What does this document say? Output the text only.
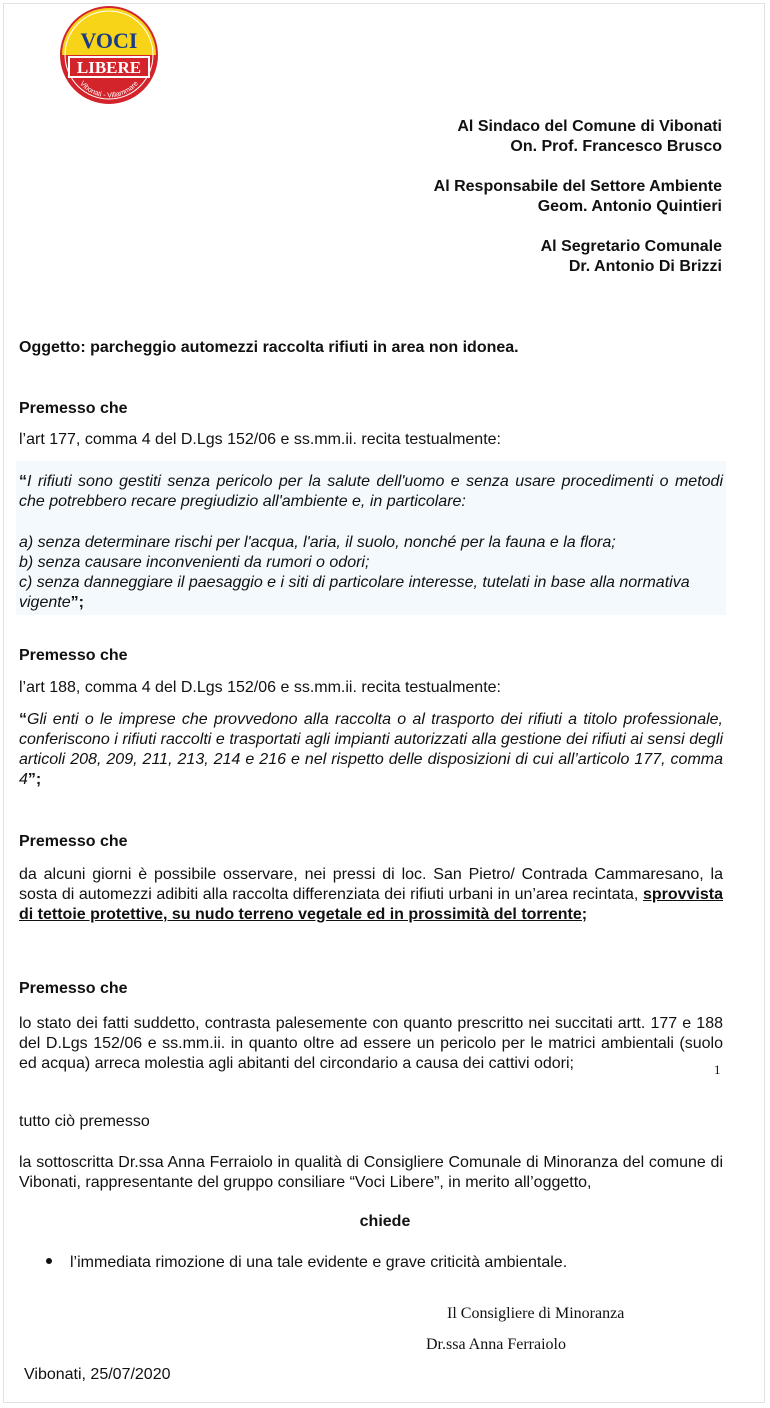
VOCI
LIBERE
Vibonati - Villammare
Al Sindaco del Comune di Vibonati
On. Prof. Francesco Brusco
Al Responsabile del Settore Ambiente
Geom. Antonio Quintieri
Al Segretario Comunale
Dr. Antonio Di Brizzi
Oggetto: parcheggio automezzi raccolta rifiuti in area non idonea.
Premesso che
l’art 177, comma 4 del D.Lgs 152/06 e ss.mm.ii. recita testualmente:
“I rifiuti sono gestiti senza pericolo per la salute dell'uomo e senza usare procedimenti o metodi che potrebbero recare pregiudizio all'ambiente e, in particolare:
a) senza determinare rischi per l'acqua, l'aria, il suolo, nonché per la fauna e la flora;
b) senza causare inconvenienti da rumori o odori;
c) senza danneggiare il paesaggio e i siti di particolare interesse, tutelati in base alla normativa vigente”;
Premesso che
l’art 188, comma 4 del D.Lgs 152/06 e ss.mm.ii. recita testualmente:
“Gli enti o le imprese che provvedono alla raccolta o al trasporto dei rifiuti a titolo professionale, conferiscono i rifiuti raccolti e trasportati agli impianti autorizzati alla gestione dei rifiuti ai sensi degli articoli 208, 209, 211, 213, 214 e 216 e nel rispetto delle disposizioni di cui all’articolo 177, comma 4”;
Premesso che
da alcuni giorni è possibile osservare, nei pressi di loc. San Pietro/ Contrada Cammaresano, la sosta di automezzi adibiti alla raccolta differenziata dei rifiuti urbani in un’area recintata, sprovvista di tettoie protettive, su nudo terreno vegetale ed in prossimità del torrente;
Premesso che
lo stato dei fatti suddetto, contrasta palesemente con quanto prescritto nei succitati artt. 177 e 188 del D.Lgs 152/06 e ss.mm.ii. in quanto oltre ad essere un pericolo per le matrici ambientali (suolo ed acqua) arreca molestia agli abitanti del circondario a causa dei cattivi odori;	1
tutto ciò premesso
la sottoscritta Dr.ssa Anna Ferraiolo in qualità di Consigliere Comunale di Minoranza del comune di Vibonati, rappresentante del gruppo consiliare “Voci Libere”, in merito all’oggetto,
chiede
l’immediata rimozione di una tale evidente e grave criticità ambientale.
Il Consigliere di Minoranza
Dr.ssa Anna Ferraiolo
Vibonati, 25/07/2020
